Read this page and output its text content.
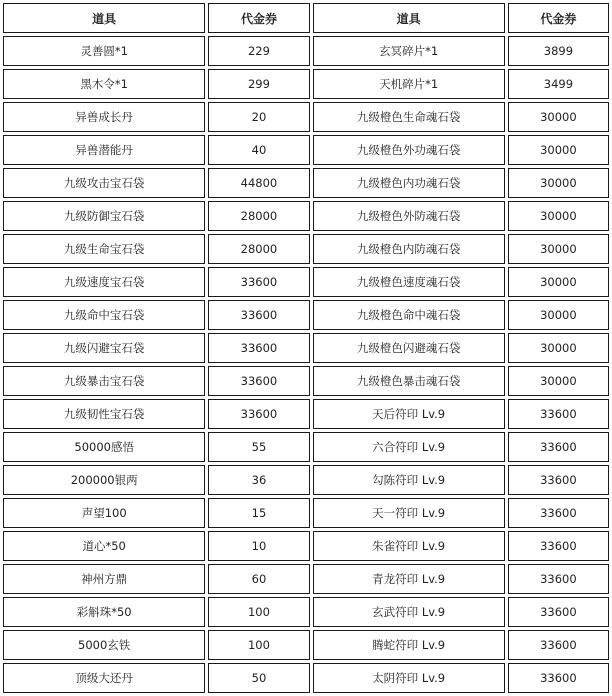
道具	代金券	道具	代金券
灵善圆*1	229	玄冥碎片*1	3899
黑木令*1	299	天机碎片*1	3499
异兽成长丹	20	九级橙色生命魂石袋	30000
异兽潜能丹	40	九级橙色外功魂石袋	30000
九级攻击宝石袋	44800	九级橙色内功魂石袋	30000
九级防御宝石袋	28000	九级橙色外防魂石袋	30000
九级生命宝石袋	28000	九级橙色内防魂石袋	30000
九级速度宝石袋	33600	九级橙色速度魂石袋	30000
九级命中宝石袋	33600	九级橙色命中魂石袋	30000
九级闪避宝石袋	33600	九级橙色闪避魂石袋	30000
九级暴击宝石袋	33600	九级橙色暴击魂石袋	30000
九级韧性宝石袋	33600	天后符印 Lv.9	33600
50000感悟	55	六合符印 Lv.9	33600
200000银两	36	勾陈符印 Lv.9	33600
声望100	15	天一符印 Lv.9	33600
道心*50	10	朱雀符印 Lv.9	33600
神州方鼎	60	青龙符印 Lv.9	33600
彩斛珠*50	100	玄武符印 Lv.9	33600
5000玄铁	100	腾蛇符印 Lv.9	33600
顶级大还丹	50	太阴符印 Lv.9	33600
